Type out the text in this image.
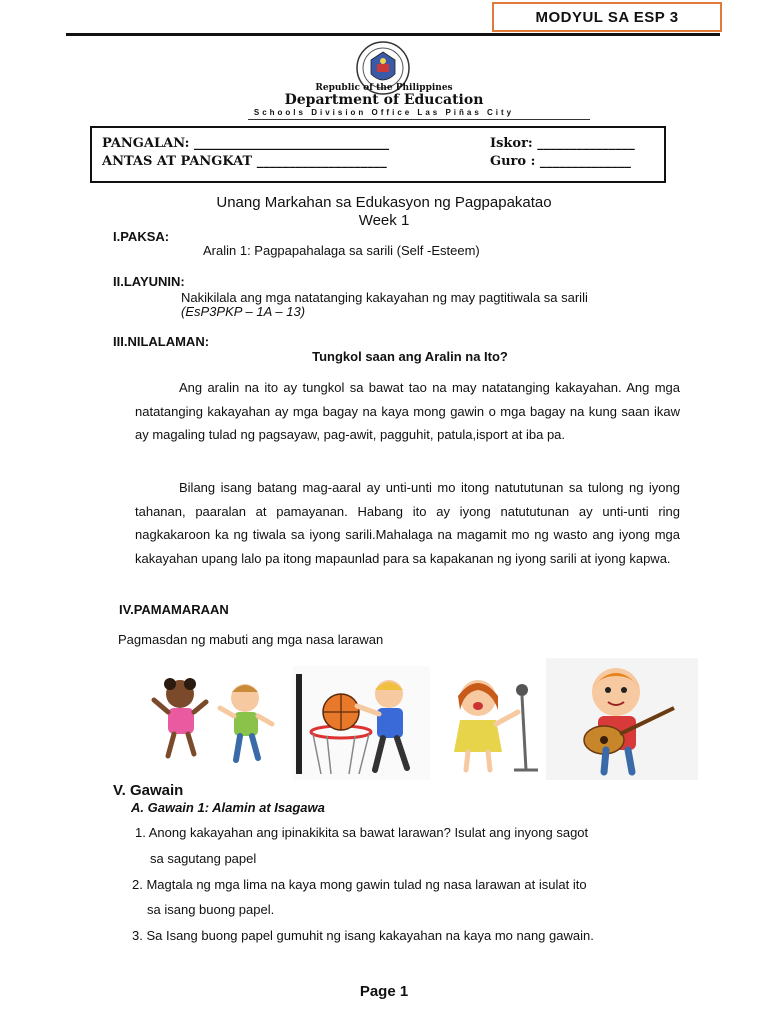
MODYUL SA ESP 3
Republic of the Philippines
Department of Education
Schools Division Office Las Piñas City
PANGALAN: ______________________________	Iskor: _______________
ANTAS AT PANGKAT ____________________	Guro : ______________
Unang Markahan sa Edukasyon ng Pagpapakatao
Week 1
I.PAKSA:
Aralin 1: Pagpapahalaga sa sarili (Self -Esteem)
II.LAYUNIN:
Nakikilala ang mga natatanging kakayahan ng may pagtitiwala sa sarili
(EsP3PKP – 1A – 13)
III.NILALAMAN:
Tungkol saan ang Aralin na Ito?

Ang aralin na ito ay tungkol sa bawat tao na may natatanging kakayahan. Ang mga natatanging kakayahan ay mga bagay na kaya mong gawin o mga bagay na kung saan ikaw ay magaling tulad ng pagsayaw, pag-awit, pagguhit, patula,isport at iba pa.

Bilang isang batang mag-aaral ay unti-unti mo itong natututunan sa tulong ng iyong tahanan, paaralan at pamayanan. Habang ito ay iyong natututunan ay unti-unti ring nagkakaroon ka ng tiwala sa iyong sarili.Mahalaga na magamit mo ng wasto ang iyong mga kakayahan upang lalo pa itong mapaunlad para sa kapakanan ng iyong sarili at iyong kapwa.

IV.PAMAMARAAN
Pagmasdan ng mabuti ang mga nasa larawan
V. Gawain
A. Gawain 1: Alamin at Isagawa
1. Anong kakayahan ang ipinakikita sa bawat larawan? Isulat ang inyong sagot
sa sagutang papel
2. Magtala ng mga lima na kaya mong gawin tulad ng nasa larawan at isulat ito
sa isang buong papel.
3. Sa Isang buong papel gumuhit ng isang kakayahan na kaya mo nang gawain.
Page 1
